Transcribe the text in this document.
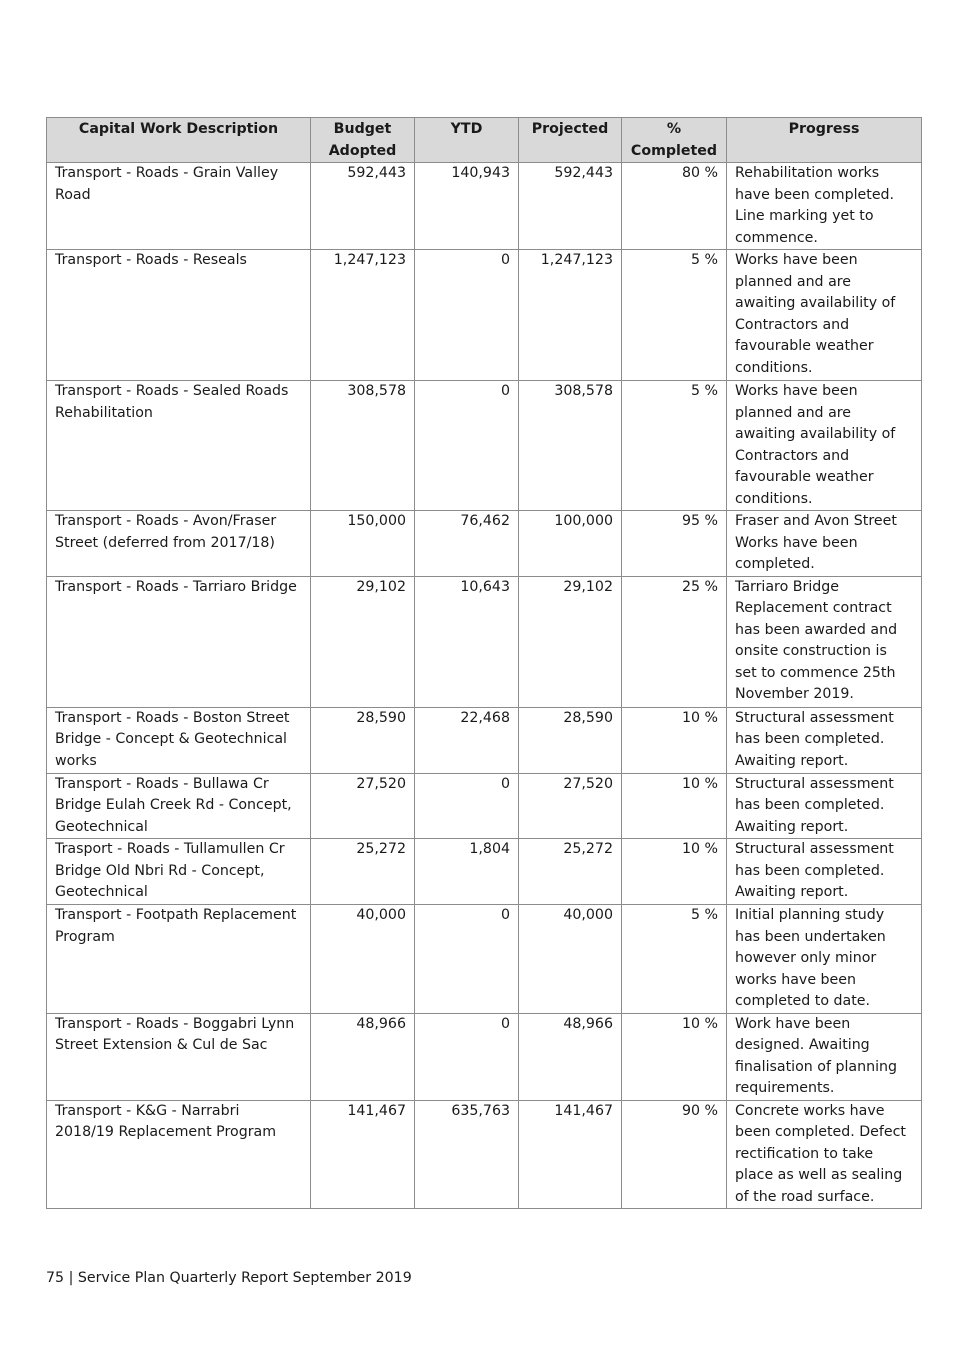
Capital Work Description	Budget Adopted	YTD	Projected	% Completed	Progress
Transport - Roads - Grain Valley Road	592,443	140,943	592,443	80 %	Rehabilitation works have been completed. Line marking yet to commence.
Transport - Roads - Reseals	1,247,123	0	1,247,123	5 %	Works have been planned and are awaiting availability of Contractors and favourable weather conditions.
Transport - Roads - Sealed Roads Rehabilitation	308,578	0	308,578	5 %	Works have been planned and are awaiting availability of Contractors and favourable weather conditions.
Transport - Roads - Avon/Fraser Street (deferred from 2017/18)	150,000	76,462	100,000	95 %	Fraser and Avon Street Works have been completed.
Transport - Roads - Tarriaro Bridge	29,102	10,643	29,102	25 %	Tarriaro Bridge Replacement contract has been awarded and onsite construction is set to commence 25th November 2019.
Transport - Roads - Boston Street Bridge - Concept & Geotechnical works	28,590	22,468	28,590	10 %	Structural assessment has been completed. Awaiting report.
Transport - Roads - Bullawa Cr Bridge Eulah Creek Rd - Concept, Geotechnical	27,520	0	27,520	10 %	Structural assessment has been completed. Awaiting report.
Trasport - Roads - Tullamullen Cr Bridge Old Nbri Rd - Concept, Geotechnical	25,272	1,804	25,272	10 %	Structural assessment has been completed. Awaiting report.
Transport - Footpath Replacement Program	40,000	0	40,000	5 %	Initial planning study has been undertaken however only minor works have been completed to date.
Transport - Roads - Boggabri Lynn Street Extension & Cul de Sac	48,966	0	48,966	10 %	Work have been designed. Awaiting finalisation of planning requirements.
Transport - K&G - Narrabri 2018/19 Replacement Program	141,467	635,763	141,467	90 %	Concrete works have been completed. Defect rectification to take place as well as sealing of the road surface.
75 | Service Plan Quarterly Report September 2019
